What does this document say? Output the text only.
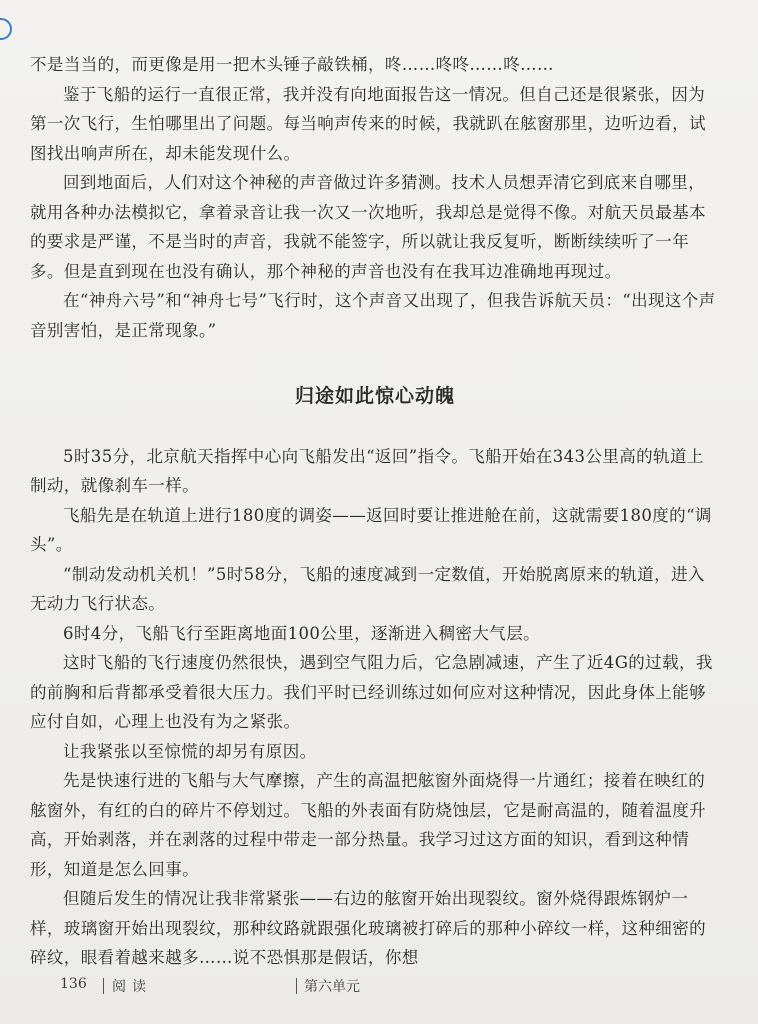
不是当当的，而更像是用一把木头锤子敲铁桶，咚……咚咚……咚……

鉴于飞船的运行一直很正常，我并没有向地面报告这一情况。但自己还是很紧张，因为第一次飞行，生怕哪里出了问题。每当响声传来的时候，我就趴在舷窗那里，边听边看，试图找出响声所在，却未能发现什么。

回到地面后，人们对这个神秘的声音做过许多猜测。技术人员想弄清它到底来自哪里，就用各种办法模拟它，拿着录音让我一次又一次地听，我却总是觉得不像。对航天员最基本的要求是严谨，不是当时的声音，我就不能签字，所以就让我反复听，断断续续听了一年多。但是直到现在也没有确认，那个神秘的声音也没有在我耳边准确地再现过。

在“神舟六号”和“神舟七号”飞行时，这个声音又出现了，但我告诉航天员：“出现这个声音别害怕，是正常现象。”

归途如此惊心动魄

5时35分，北京航天指挥中心向飞船发出“返回”指令。飞船开始在343公里高的轨道上制动，就像刹车一样。

飞船先是在轨道上进行180度的调姿——返回时要让推进舱在前，这就需要180度的“调头”。

“制动发动机关机！”5时58分，飞船的速度减到一定数值，开始脱离原来的轨道，进入无动力飞行状态。

6时4分，飞船飞行至距离地面100公里，逐渐进入稠密大气层。

这时飞船的飞行速度仍然很快，遇到空气阻力后，它急剧减速，产生了近4G的过载，我的前胸和后背都承受着很大压力。我们平时已经训练过如何应对这种情况，因此身体上能够应付自如，心理上也没有为之紧张。

让我紧张以至惊慌的却另有原因。

先是快速行进的飞船与大气摩擦，产生的高温把舷窗外面烧得一片通红；接着在映红的舷窗外，有红的白的碎片不停划过。飞船的外表面有防烧蚀层，它是耐高温的，随着温度升高，开始剥落，并在剥落的过程中带走一部分热量。我学习过这方面的知识，看到这种情形，知道是怎么回事。

但随后发生的情况让我非常紧张——右边的舷窗开始出现裂纹。窗外烧得跟炼钢炉一样，玻璃窗开始出现裂纹，那种纹路就跟强化玻璃被打碎后的那种小碎纹一样，这种细密的碎纹，眼看着越来越多……说不恐惧那是假话，你想

136 阅读	第六单元
